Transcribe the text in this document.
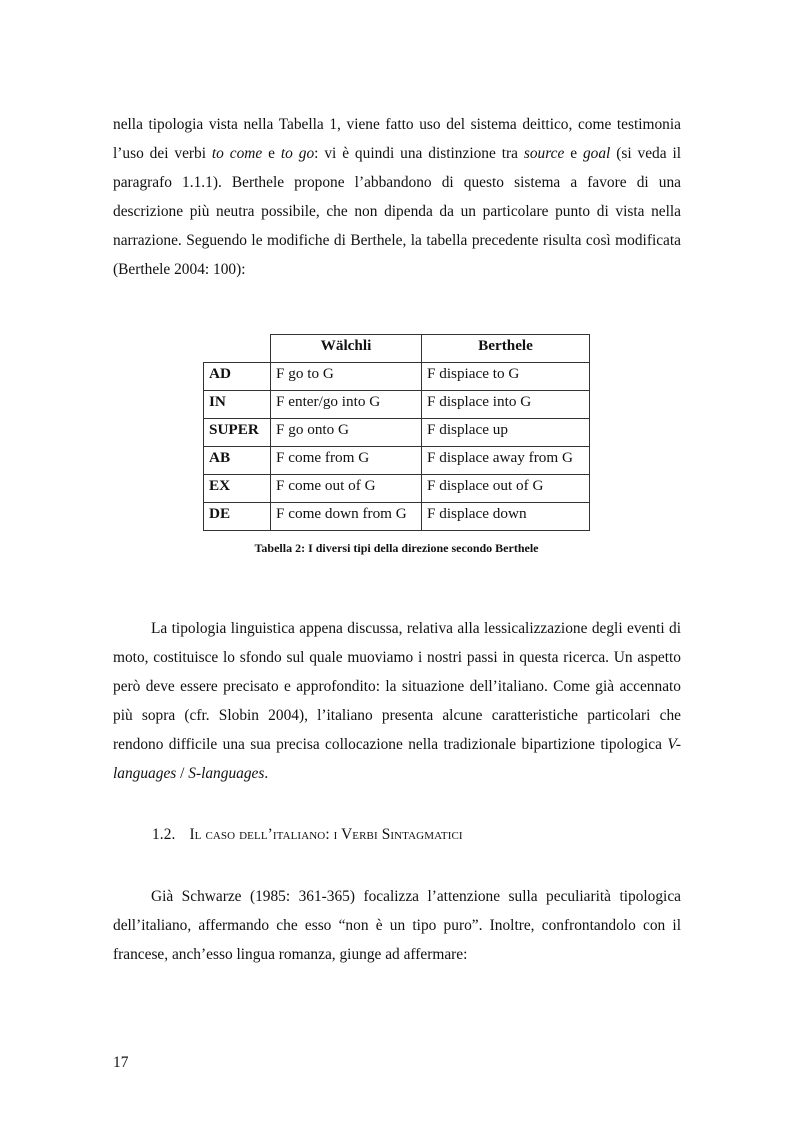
nella tipologia vista nella Tabella 1, viene fatto uso del sistema deittico, come testimonia l’uso dei verbi to come e to go: vi è quindi una distinzione tra source e goal (si veda il paragrafo 1.1.1). Berthele propone l’abbandono di questo sistema a favore di una descrizione più neutra possibile, che non dipenda da un particolare punto di vista nella narrazione. Seguendo le modifiche di Berthele, la tabella precedente risulta così modificata (Berthele 2004: 100):

	Wälchli	Berthele
AD	F go to G	F dispiace to G
IN	F enter/go into G	F displace into G
SUPER	F go onto G	F displace up
AB	F come from G	F displace away from G
EX	F come out of G	F displace out of G
DE	F come down from G	F displace down
Tabella 2: I diversi tipi della direzione secondo Berthele

La tipologia linguistica appena discussa, relativa alla lessicalizzazione degli eventi di moto, costituisce lo sfondo sul quale muoviamo i nostri passi in questa ricerca. Un aspetto però deve essere precisato e approfondito: la situazione dell’italiano. Come già accennato più sopra (cfr. Slobin 2004), l’italiano presenta alcune caratteristiche particolari che rendono difficile una sua precisa collocazione nella tradizionale bipartizione tipologica V-languages / S-languages.

1.2. Il caso dell’italiano: i Verbi Sintagmatici

Già Schwarze (1985: 361-365) focalizza l’attenzione sulla peculiarità tipologica dell’italiano, affermando che esso “non è un tipo puro”. Inoltre, confrontandolo con il francese, anch’esso lingua romanza, giunge ad affermare:

17
